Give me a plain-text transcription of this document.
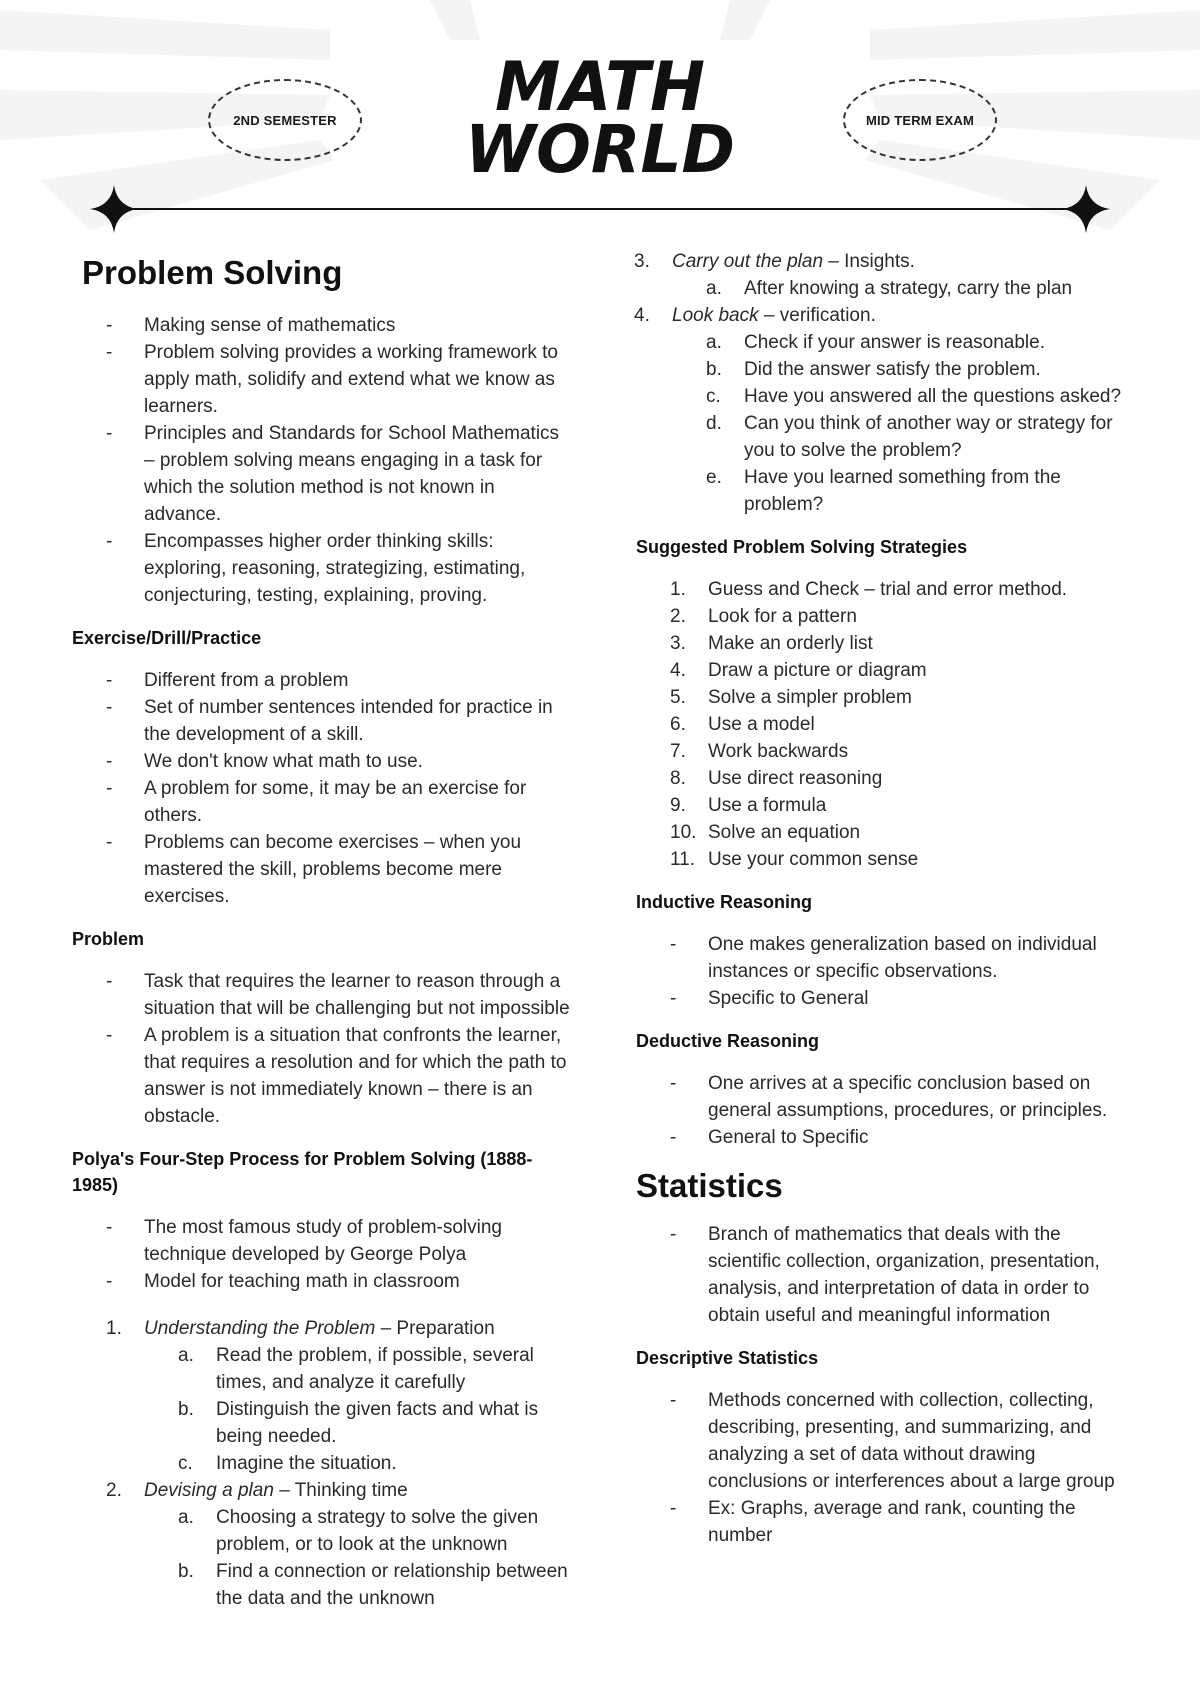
2ND SEMESTER	MID TERM EXAM
MATH
WORLD
Problem Solving
-	Making sense of mathematics
-	Problem solving provides a working framework to apply math, solidify and extend what we know as learners.
-	Principles and Standards for School Mathematics – problem solving means engaging in a task for which the solution method is not known in advance.
-	Encompasses higher order thinking skills: exploring, reasoning, strategizing, estimating, conjecturing, testing, explaining, proving.
Exercise/Drill/Practice
-	Different from a problem
-	Set of number sentences intended for practice in the development of a skill.
-	We don't know what math to use.
-	A problem for some, it may be an exercise for others.
-	Problems can become exercises – when you mastered the skill, problems become mere exercises.
Problem
-	Task that requires the learner to reason through a situation that will be challenging but not impossible
-	A problem is a situation that confronts the learner, that requires a resolution and for which the path to answer is not immediately known – there is an obstacle.
Polya's Four-Step Process for Problem Solving (1888-1985)
-	The most famous study of problem-solving technique developed by George Polya
-	Model for teaching math in classroom
1.	Understanding the Problem – Preparation
a.	Read the problem, if possible, several times, and analyze it carefully
b.	Distinguish the given facts and what is being needed.
c.	Imagine the situation.
2.	Devising a plan – Thinking time
a.	Choosing a strategy to solve the given problem, or to look at the unknown
b.	Find a connection or relationship between the data and the unknown
3.	Carry out the plan – Insights.
a.	After knowing a strategy, carry the plan
4.	Look back – verification.
a.	Check if your answer is reasonable.
b.	Did the answer satisfy the problem.
c.	Have you answered all the questions asked?
d.	Can you think of another way or strategy for you to solve the problem?
e.	Have you learned something from the problem?
Suggested Problem Solving Strategies
1.	Guess and Check – trial and error method.
2.	Look for a pattern
3.	Make an orderly list
4.	Draw a picture or diagram
5.	Solve a simpler problem
6.	Use a model
7.	Work backwards
8.	Use direct reasoning
9.	Use a formula
10. Solve an equation
11. Use your common sense
Inductive Reasoning
-	One makes generalization based on individual instances or specific observations.
-	Specific to General
Deductive Reasoning
-	One arrives at a specific conclusion based on general assumptions, procedures, or principles.
-	General to Specific
Statistics
-	Branch of mathematics that deals with the scientific collection, organization, presentation, analysis, and interpretation of data in order to obtain useful and meaningful information
Descriptive Statistics
-	Methods concerned with collection, collecting, describing, presenting, and summarizing, and analyzing a set of data without drawing conclusions or interferences about a large group
-	Ex: Graphs, average and rank, counting the number
